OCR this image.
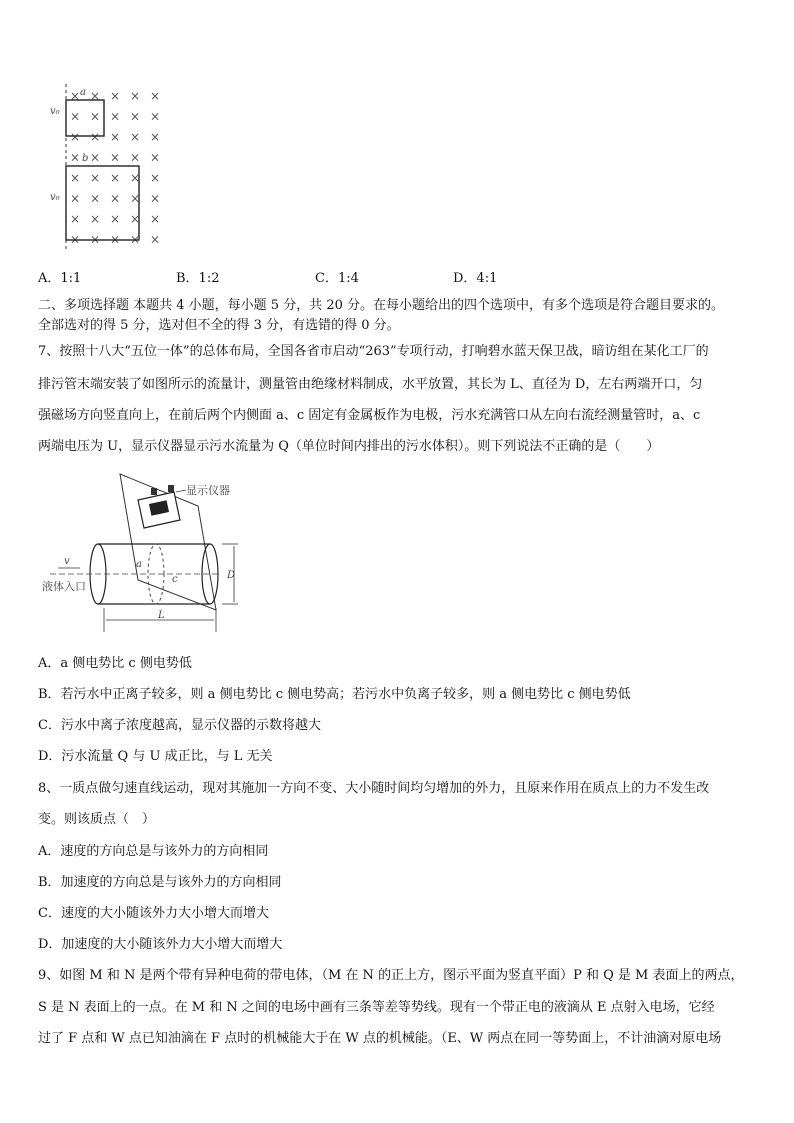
× × × × ×
× × × × ×
× × × × ×
× × × × ×
× × × × ×
× × × × ×
× × × × ×
× × × × ×
a
b
v₀
v₀
A．1:1	B．1:2	C．1:4	D．4:1
二、多项选择题 本题共 4 小题，每小题 5 分，共 20 分。在每小题给出的四个选项中，有多个选项是符合题目要求的。
全部选对的得 5 分，选对但不全的得 3 分，有选错的得 0 分。
7、按照十八大“五位一体”的总体布局，全国各省市启动“263”专项行动，打响碧水蓝天保卫战，暗访组在某化工厂的
排污管末端安装了如图所示的流量计，测量管由绝缘材料制成，水平放置，其长为 L、直径为 D，左右两端开口，匀
强磁场方向竖直向上，在前后两个内侧面 a、c 固定有金属板作为电极，污水充满管口从左向右流经测量管时，a、c
两端电压为 U，显示仪器显示污水流量为 Q（单位时间内排出的污水体积）。则下列说法不正确的是（　　）
显示仪器
v
液体入口
a
c	D
L
A．a 侧电势比 c 侧电势低
B．若污水中正离子较多，则 a 侧电势比 c 侧电势高；若污水中负离子较多，则 a 侧电势比 c 侧电势低
C．污水中离子浓度越高，显示仪器的示数将越大
D．污水流量 Q 与 U 成正比，与 L 无关
8、一质点做匀速直线运动，现对其施加一方向不变、大小随时间均匀增加的外力，且原来作用在质点上的力不发生改
变。则该质点（　）
A．速度的方向总是与该外力的方向相同
B．加速度的方向总是与该外力的方向相同
C．速度的大小随该外力大小增大而增大
D．加速度的大小随该外力大小增大而增大
9、如图 M 和 N 是两个带有异种电荷的带电体，（M 在 N 的正上方，图示平面为竖直平面）P 和 Q 是 M 表面上的两点，
S 是 N 表面上的一点。在 M 和 N 之间的电场中画有三条等差等势线。现有一个带正电的液滴从 E 点射入电场，它经
过了 F 点和 W 点已知油滴在 F 点时的机械能大于在 W 点的机械能。（E、W 两点在同一等势面上，不计油滴对原电场
